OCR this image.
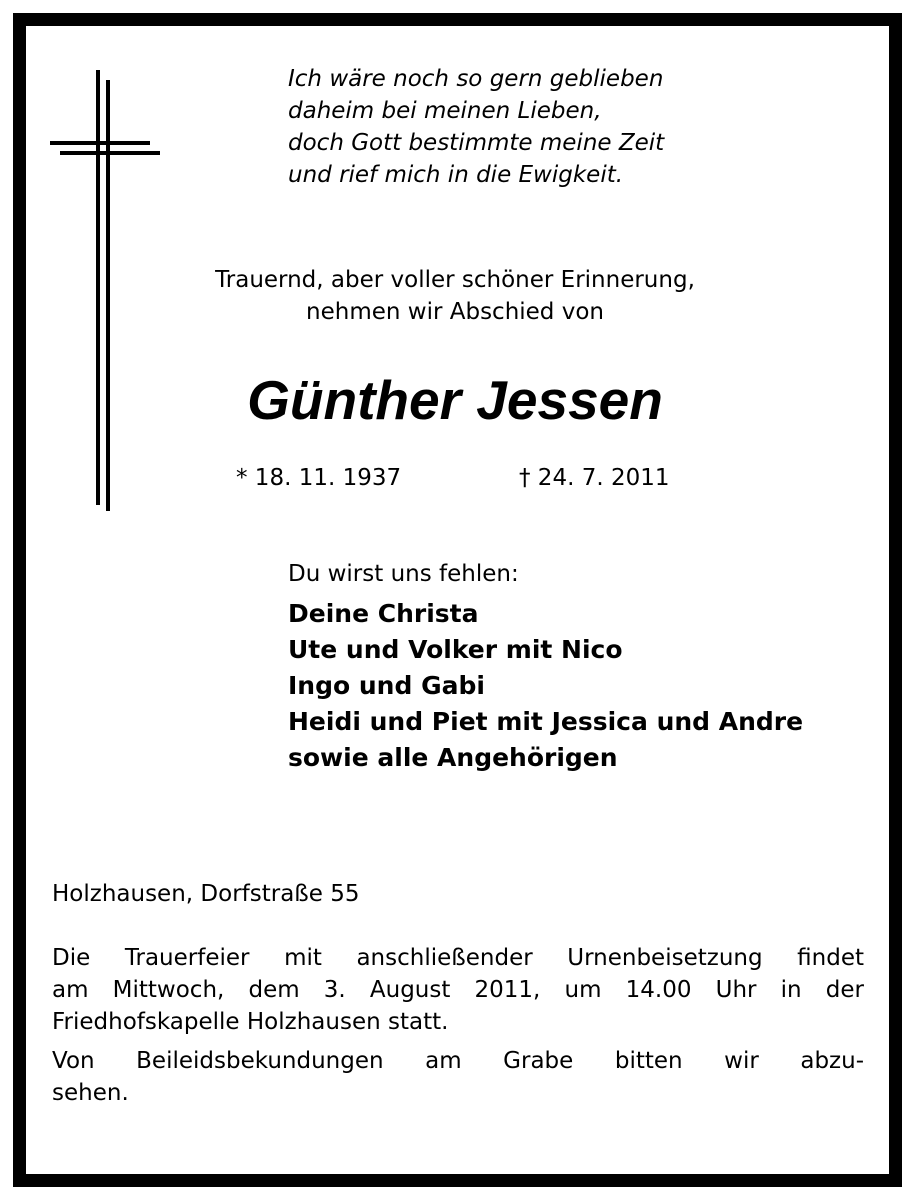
Ich wäre noch so gern geblieben
daheim bei meinen Lieben,
doch Gott bestimmte meine Zeit
und rief mich in die Ewigkeit.
Trauernd, aber voller schöner Erinnerung,
nehmen wir Abschied von
Günther Jessen
* 18. 11. 1937	† 24. 7. 2011
Du wirst uns fehlen:
Deine Christa
Ute und Volker mit Nico
Ingo und Gabi
Heidi und Piet mit Jessica und Andre
sowie alle Angehörigen
Holzhausen, Dorfstraße 55
Die Trauerfeier mit anschließender Urnenbeisetzung findet
am Mittwoch, dem 3. August 2011, um 14.00 Uhr in der
Friedhofskapelle Holzhausen statt.
Von Beileidsbekundungen am Grabe bitten wir abzu-
sehen.
